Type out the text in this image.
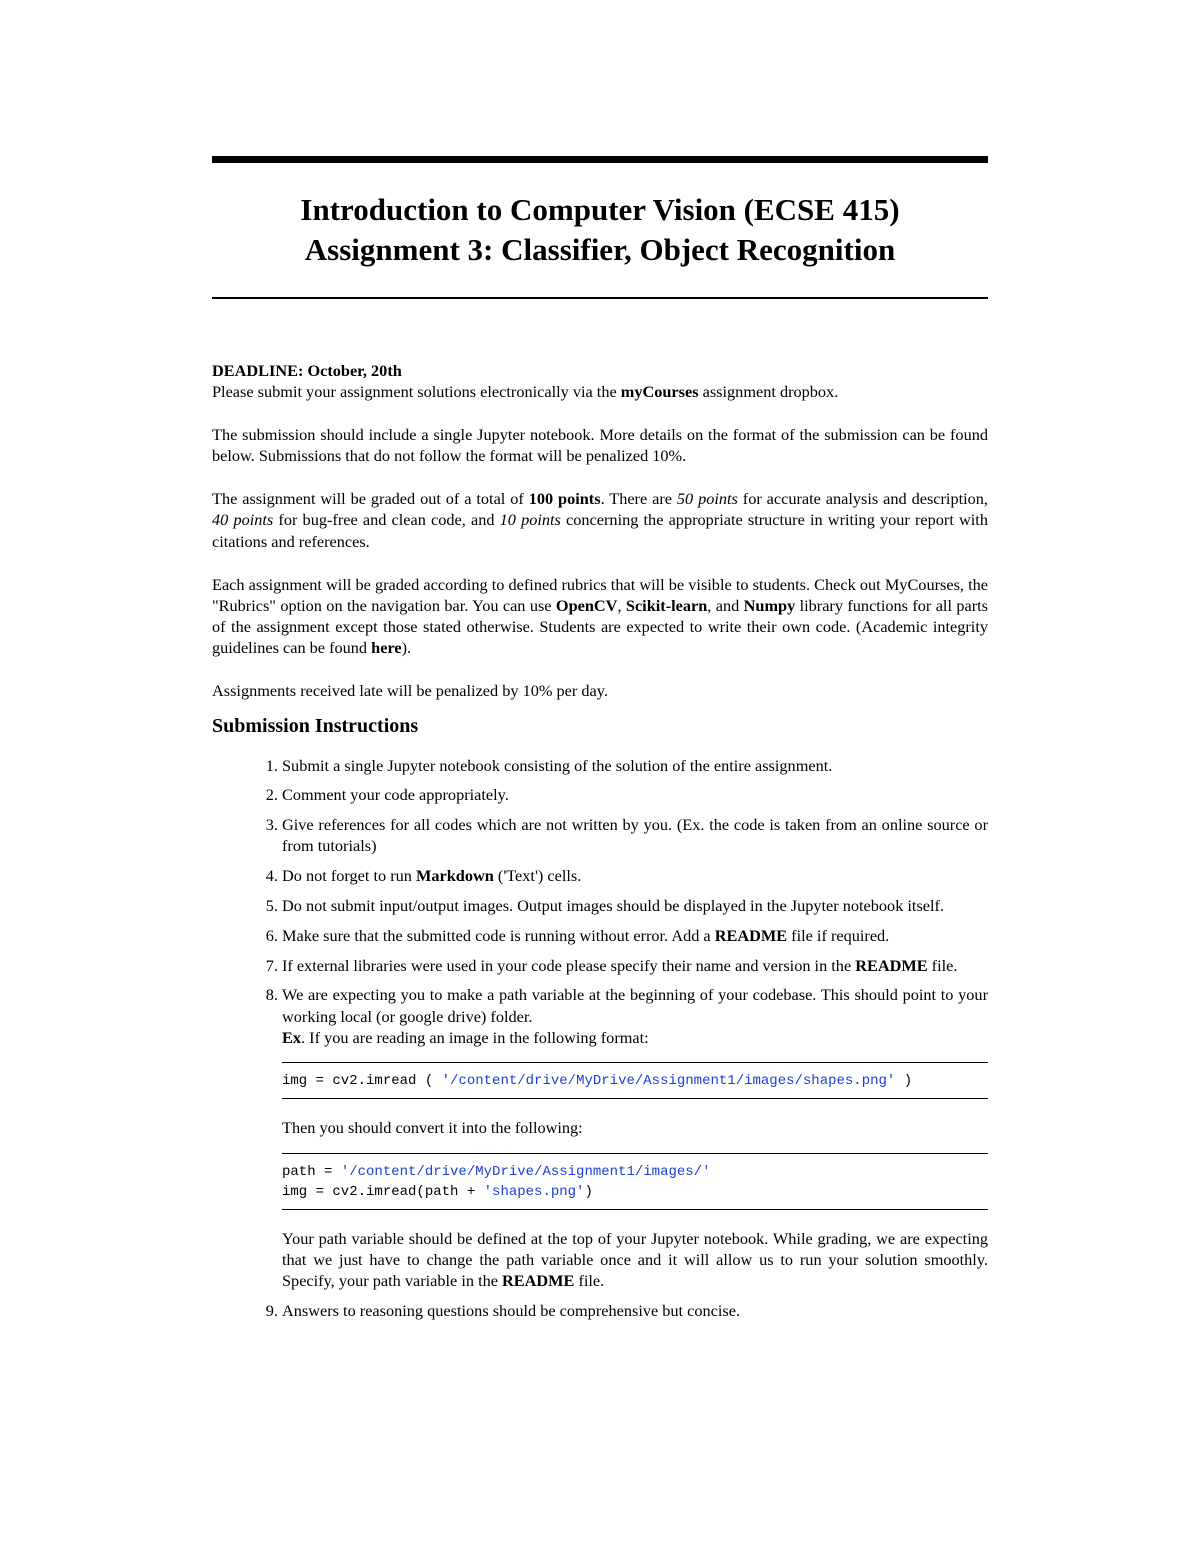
Introduction to Computer Vision (ECSE 415)
Assignment 3: Classifier, Object Recognition

DEADLINE: October, 20th
Please submit your assignment solutions electronically via the myCourses assignment dropbox.

The submission should include a single Jupyter notebook. More details on the format of the submission can be found below. Submissions that do not follow the format will be penalized 10%.

The assignment will be graded out of a total of 100 points. There are 50 points for accurate analysis and description, 40 points for bug-free and clean code, and 10 points concerning the appropriate structure in writing your report with citations and references.

Each assignment will be graded according to defined rubrics that will be visible to students. Check out MyCourses, the "Rubrics" option on the navigation bar. You can use OpenCV, Scikit-learn, and Numpy library functions for all parts of the assignment except those stated otherwise. Students are expected to write their own code. (Academic integrity guidelines can be found here).

Assignments received late will be penalized by 10% per day.

Submission Instructions
1. Submit a single Jupyter notebook consisting of the solution of the entire assignment.
2. Comment your code appropriately.
3. Give references for all codes which are not written by you. (Ex. the code is taken from an online source or from tutorials)
4. Do not forget to run Markdown ('Text') cells.
5. Do not submit input/output images. Output images should be displayed in the Jupyter notebook itself.
6. Make sure that the submitted code is running without error. Add a README file if required.
7. If external libraries were used in your code please specify their name and version in the README file.
8. We are expecting you to make a path variable at the beginning of your codebase. This should point to your working local (or google drive) folder.
Ex. If you are reading an image in the following format:
img = cv2.imread ( '/content/drive/MyDrive/Assignment1/images/shapes.png' )
Then you should convert it into the following:
path = '/content/drive/MyDrive/Assignment1/images/'
img = cv2.imread(path + 'shapes.png')
Your path variable should be defined at the top of your Jupyter notebook. While grading, we are expecting that we just have to change the path variable once and it will allow us to run your solution smoothly. Specify, your path variable in the README file.
9. Answers to reasoning questions should be comprehensive but concise.
